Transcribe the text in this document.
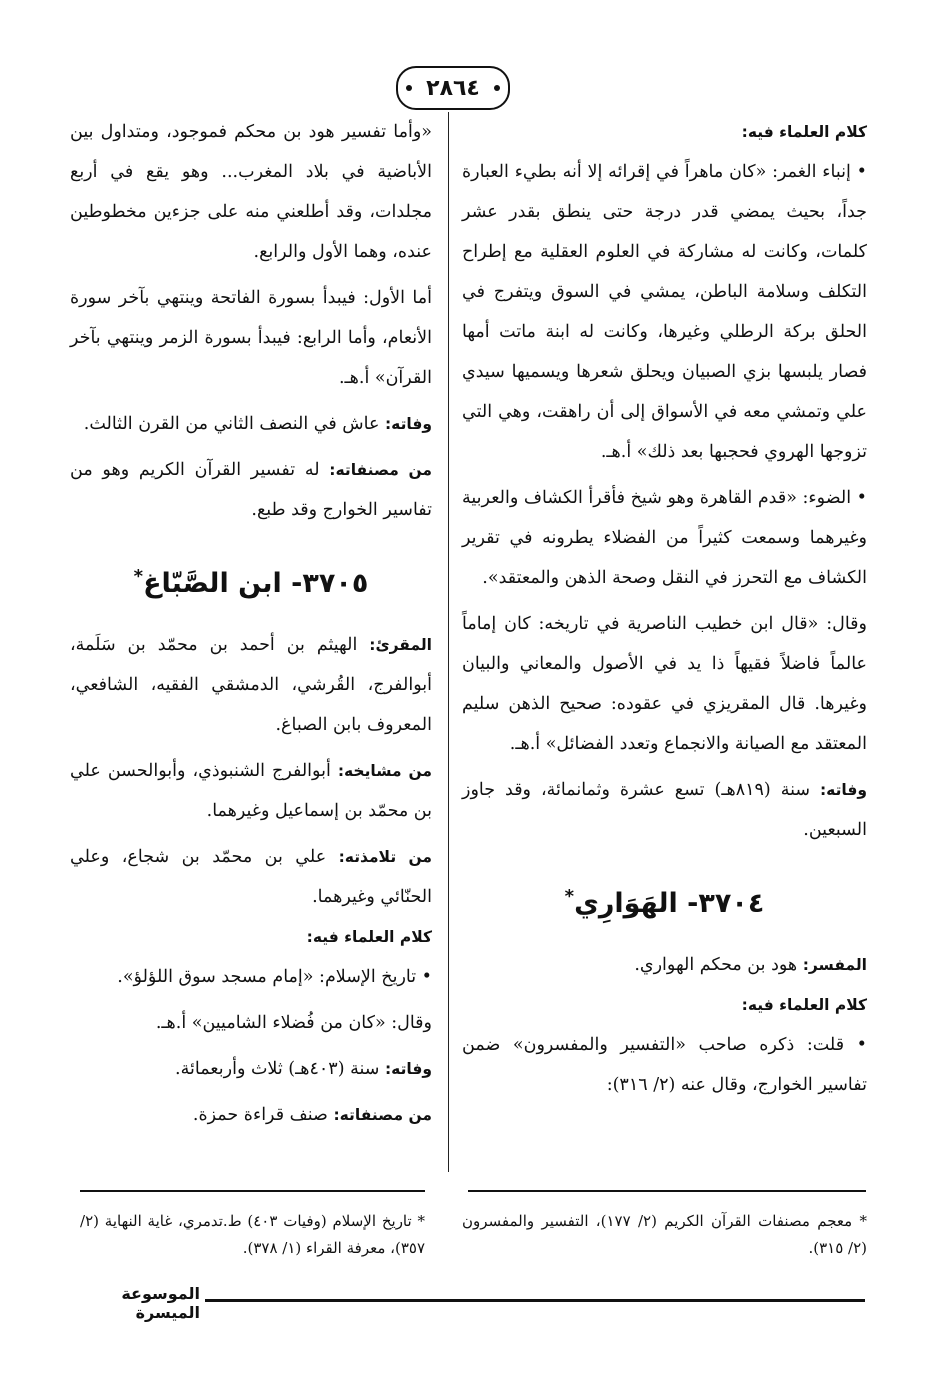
٢٨٦٤

كلام العلماء فيه:

• إنباء الغمر: «كان ماهراً في إقرائه إلا أنه بطيء العبارة جداً، بحيث يمضي قدر درجة حتى ينطق بقدر عشر كلمات، وكانت له مشاركة في العلوم العقلية مع إطراح التكلف وسلامة الباطن، يمشي في السوق ويتفرج في الحلق بركة الرطلي وغيرها، وكانت له ابنة ماتت أمها فصار يلبسها بزي الصبيان ويحلق شعرها ويسميها سيدي علي وتمشي معه في الأسواق إلى أن راهقت، وهي التي تزوجها الهروي فحجبها بعد ذلك» أ.هـ.

• الضوء: «قدم القاهرة وهو شيخ فأقرأ الكشاف والعربية وغيرهما وسمعت كثيراً من الفضلاء يطرونه في تقرير الكشاف مع التحرز في النقل وصحة الذهن والمعتقد».

وقال: «قال ابن خطيب الناصرية في تاريخه: كان إماماً عالماً فاضلاً فقيهاً ذا يد في الأصول والمعاني والبيان وغيرها. قال المقريزي في عقوده: صحيح الذهن سليم المعتقد مع الصيانة والانجماع وتعدد الفضائل» أ.هـ.

وفاته: سنة (٨١٩هـ) تسع عشرة وثمانمائة، وقد جاوز السبعين.

٣٧٠٤- الهَوَارِي*

المفسر: هود بن محكم الهواري.

كلام العلماء فيه:

• قلت: ذكره صاحب «التفسير والمفسرون» ضمن تفاسير الخوارج، وقال عنه (٢/ ٣١٦):

«وأما تفسير هود بن محكم فموجود، ومتداول بين الأباضية في بلاد المغرب... وهو يقع في أربع مجلدات، وقد أطلعني منه على جزءين مخطوطين عنده، وهما الأول والرابع.

أما الأول: فيبدأ بسورة الفاتحة وينتهي بآخر سورة الأنعام، وأما الرابع: فيبدأ بسورة الزمر وينتهي بآخر القرآن» أ.هـ.

وفاته: عاش في النصف الثاني من القرن الثالث.

من مصنفاته: له تفسير القرآن الكريم وهو من تفاسير الخوارج وقد طبع.

٣٧٠٥- ابن الصَّبّاغ*

المقرئ: الهيثم بن أحمد بن محمّد بن سَلَمة، أبوالفرج، القُرشي، الدمشقي الفقيه، الشافعي، المعروف بابن الصباغ.

من مشايخه: أبوالفرج الشنبوذي، وأبوالحسن علي بن محمّد بن إسماعيل وغيرهما.

من تلامذته: علي بن محمّد بن شجاع، وعلي الحنّائي وغيرهما.

كلام العلماء فيه:

• تاريخ الإسلام: «إمام مسجد سوق اللؤلؤ».

وقال: «كان من فُضلاء الشاميين» أ.هـ.

وفاته: سنة (٤٠٣هـ) ثلاث وأربعمائة.

من مصنفاته: صنف قراءة حمزة.

* معجم مصنفات القرآن الكريم (٢/ ١٧٧)، التفسير والمفسرون (٢/ ٣١٥).
* تاريخ الإسلام (وفيات ٤٠٣) ط.تدمري، غاية النهاية (٢/ ٣٥٧)، معرفة القراء (١/ ٣٧٨).
الموسوعة الميسرة
